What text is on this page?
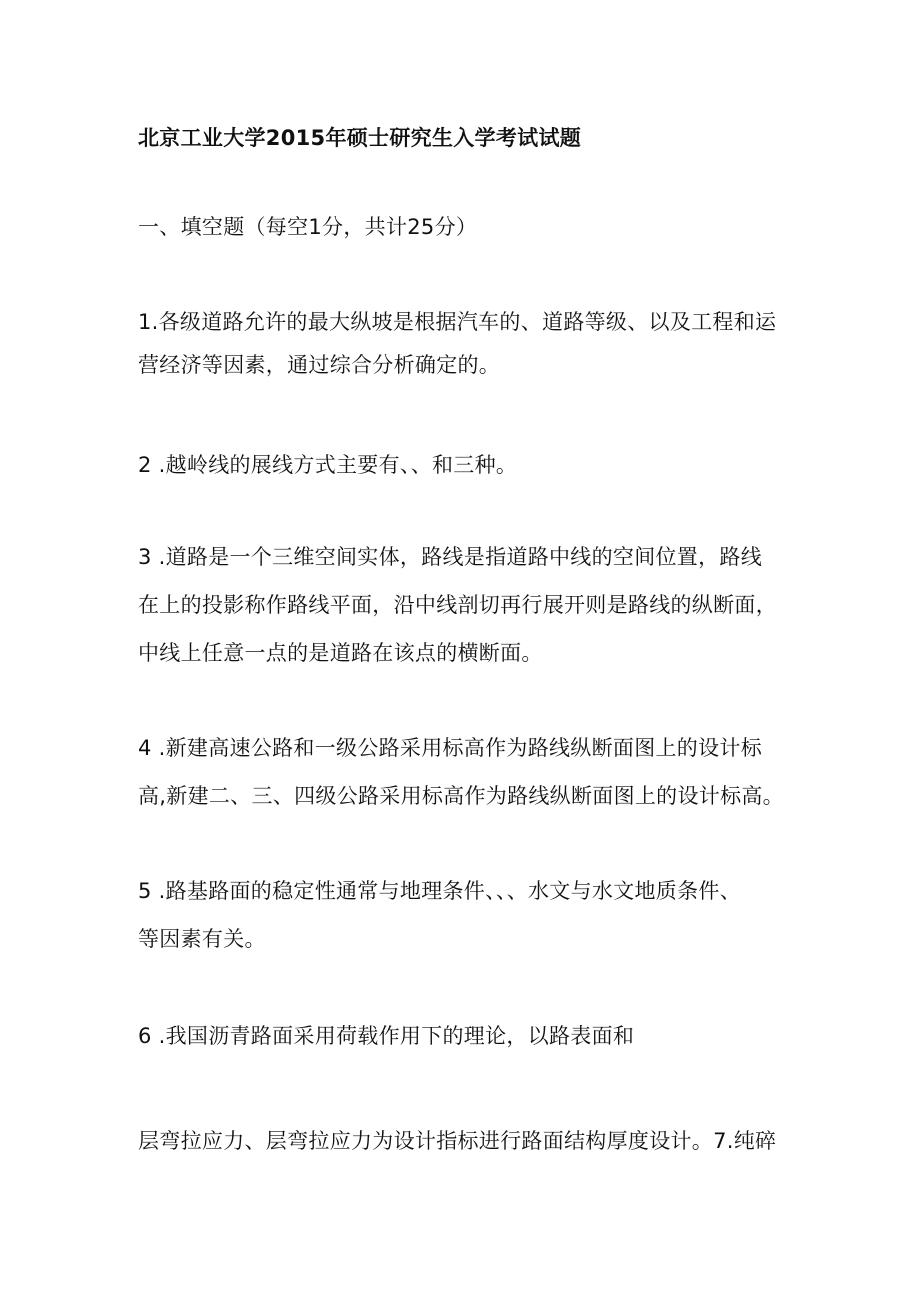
北京工业大学2015年硕士研究生入学考试试题
一、填空题（每空1分，共计25分）
1.各级道路允许的最大纵坡是根据汽车的、道路等级、以及工程和运
营经济等因素，通过综合分析确定的。
2 .越岭线的展线方式主要有、、和三种。
3 .道路是一个三维空间实体，路线是指道路中线的空间位置，路线
在上的投影称作路线平面，沿中线剖切再行展开则是路线的纵断面，
中线上任意一点的是道路在该点的横断面。
4 .新建高速公路和一级公路采用标高作为路线纵断面图上的设计标
高,新建二、三、四级公路采用标高作为路线纵断面图上的设计标高。
5 .路基路面的稳定性通常与地理条件、、、水文与水文地质条件、
等因素有关。
6 .我国沥青路面采用荷载作用下的理论，以路表面和
层弯拉应力、层弯拉应力为设计指标进行路面结构厚度设计。7.纯碎
